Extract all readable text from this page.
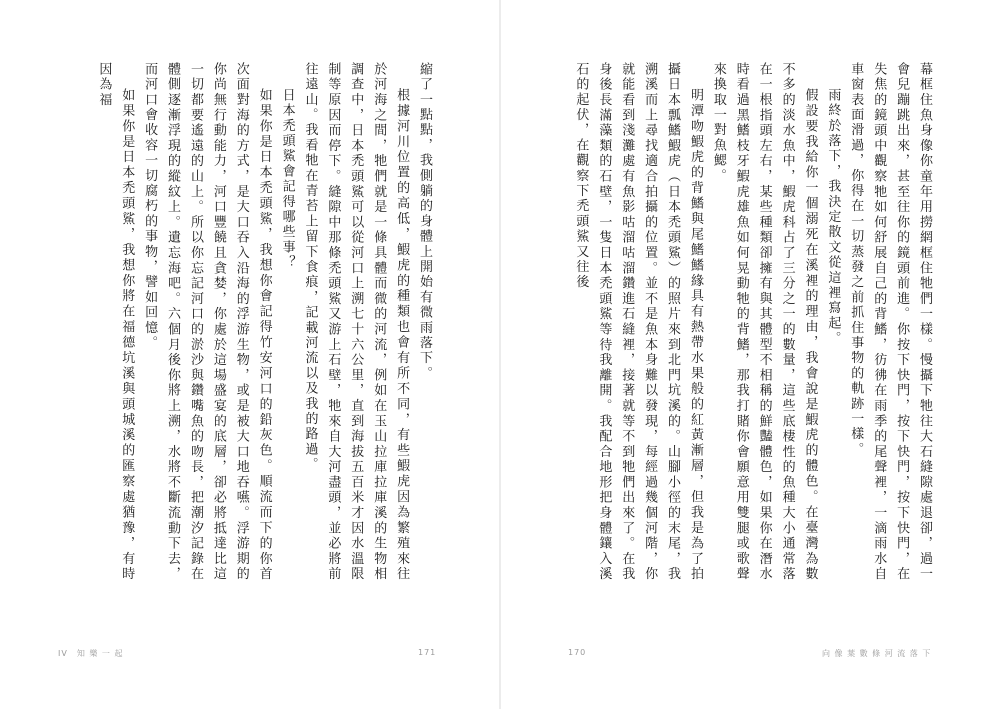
縮了一點點，我側躺的身體上開始有微雨落下。

根據河川位置的高低，鰕虎的種類也會有所不同，有些鰕虎因為繁殖來往於河海之間，牠們就是一條具體而微的河流，例如在玉山拉庫拉庫溪的生物相調查中，日本禿頭鯊可以從河口上溯七十六公里，直到海拔五百米才因水溫限制等原因而停下。縫隙中那條禿頭鯊又游上石壁，牠來自大河盡頭，並必將前往遠山。我看牠在青苔上留下食痕，記載河流以及我的路過。

日本禿頭鯊會記得哪些事？

如果你是日本禿頭鯊，我想你會記得竹安河口的鉛灰色。順流而下的你首次面對海的方式，是大口吞入沿海的浮游生物，或是被大口地吞嚥。浮游期的你尚無行動能力，河口豐饒且貪婪，你處於這場盛宴的底層，卻必將抵達比這一切都要遙遠的山上。所以你忘記河口的淤沙與鑽嘴魚的吻長，把潮汐記錄在體側逐漸浮現的縱紋上。遺忘海吧。六個月後你將上溯，水將不斷流動下去，而河口會收容一切腐朽的事物，譬如回憶。

如果你是日本禿頭鯊，我想你將在福德坑溪與頭城溪的匯察處猶豫，有時因為福

IV　知 樂 一 起	171

幕框住魚身像你童年用撈網框住牠們一樣。慢攝下牠往大石縫隙處退卻，過一會兒蹦跳出來，甚至往你的鏡頭前進。你按下快門，按下快門，按下快門，在失焦的鏡頭中觀察牠如何舒展自己的背鰭，彷彿在雨季的尾聲裡，一滴雨水自車窗表面滑過，你得在一切蒸發之前抓住事物的軌跡一樣。

雨終於落下，我決定散文從這裡寫起。

假設要我給你一個溺死在溪裡的理由，我會說是鰕虎的體色。在臺灣為數不多的淡水魚中，鰕虎科占了三分之一的數量，這些底棲性的魚種大小通常落在一根指頭左右，某些種類卻擁有與其體型不相稱的鮮豔體色，如果你在潛水時看過黑鰭枝牙鰕虎雄魚如何晃動牠的背鰭，那我打賭你會願意用雙腿或歌聲來換取一對魚鰓。

明潭吻鰕虎的背鰭與尾鰭鰭緣具有熱帶水果般的紅黃漸層，但我是為了拍攝日本瓢鰭鰕虎（日本禿頭鯊）的照片來到北門坑溪的。山腳小徑的末尾，我溯溪而上尋找適合拍攝的位置。並不是魚本身難以發現，每經過幾個河階，你就能看到淺灘處有魚影咕溜咕溜鑽進石縫裡，接著就等不到牠們出來了。在我身後長滿藻類的石壁，一隻日本禿頭鯊等待我離開。我配合地形把身體鑲入溪石的起伏，在觀察下禿頭鯊又往後

170	向 像 葉 數 條 河 流 落 下
